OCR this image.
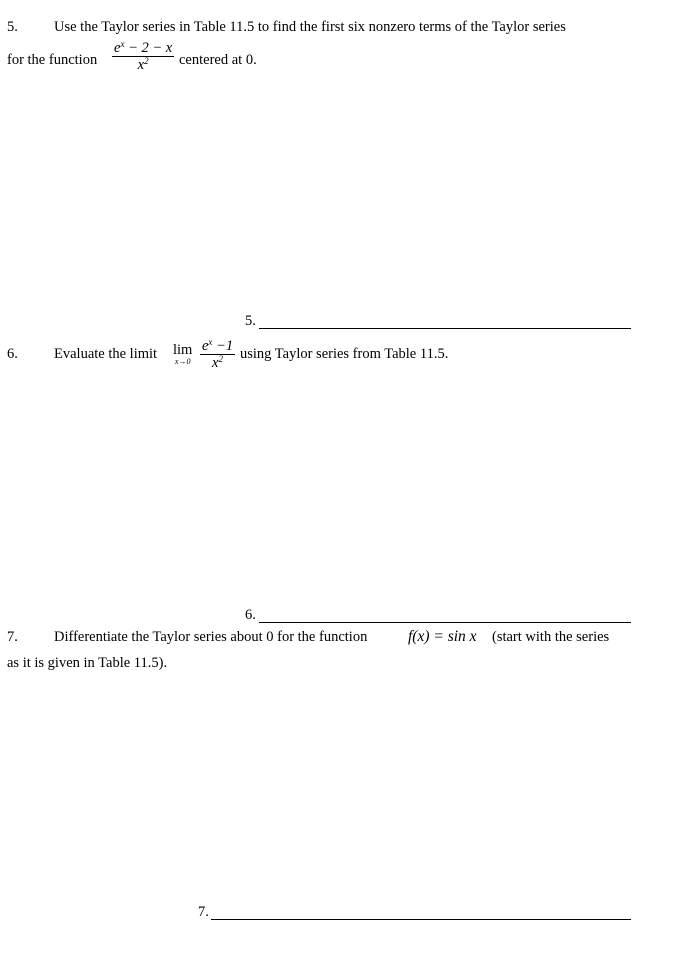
5. Use the Taylor series in Table 11.5 to find the first six nonzero terms of the Taylor series
for the function $\frac{e^x - 2 - x}{x^2}$ centered at 0.
5.
6. Evaluate the limit lim
x→0
$\frac{e^x -1}{x^2}$ using Taylor series from Table 11.5.
6.
7. Differentiate the Taylor series about 0 for the function	f(x) = sin x (start with the series
as it is given in Table 11.5).
7.
